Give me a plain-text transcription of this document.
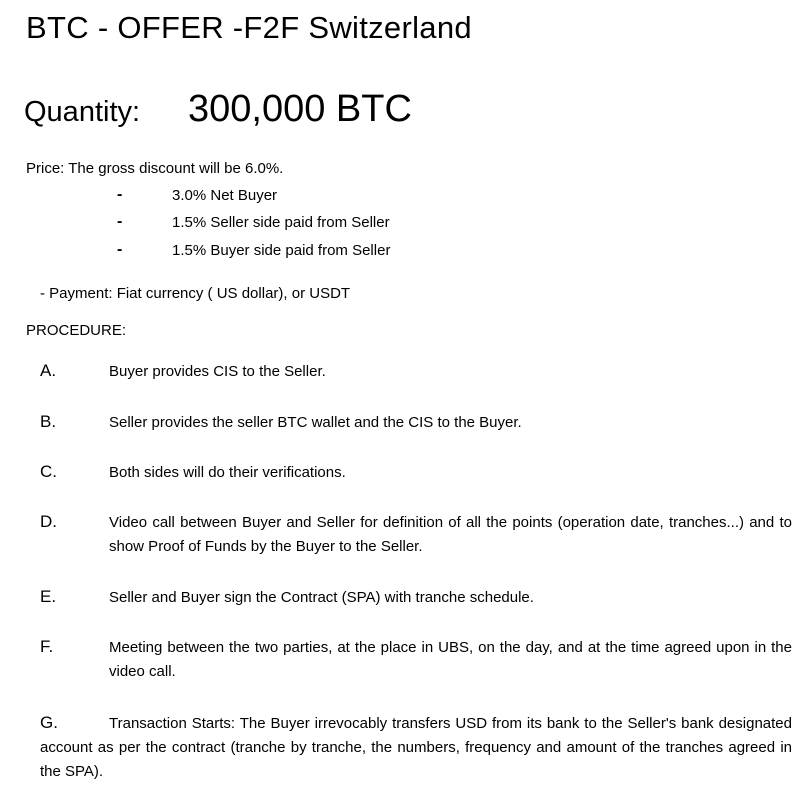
BTC - OFFER -F2F Switzerland
Quantity: 300,000 BTC
Price: The gross discount will be 6.0%.
-	3.0% Net Buyer
-	1.5% Seller side paid from Seller
-	1.5% Buyer side paid from Seller
- Payment: Fiat currency ( US dollar), or USDT
PROCEDURE:
A.	Buyer provides CIS to the Seller.
B.	Seller provides the seller BTC wallet and the CIS to the Buyer.
C.	Both sides will do their verifications.
D.	Video call between Buyer and Seller for definition of all the points (operation date, tranches...) and to show Proof of Funds by the Buyer to the Seller.
E.	Seller and Buyer sign the Contract (SPA) with tranche schedule.
F.	Meeting between the two parties, at the place in UBS, on the day, and at the time agreed upon in the video call.
G.	Transaction Starts: The Buyer irrevocably transfers USD from its bank to the Seller's bank designated account as per the contract (tranche by tranche, the numbers, frequency and amount of the tranches agreed in the SPA).
